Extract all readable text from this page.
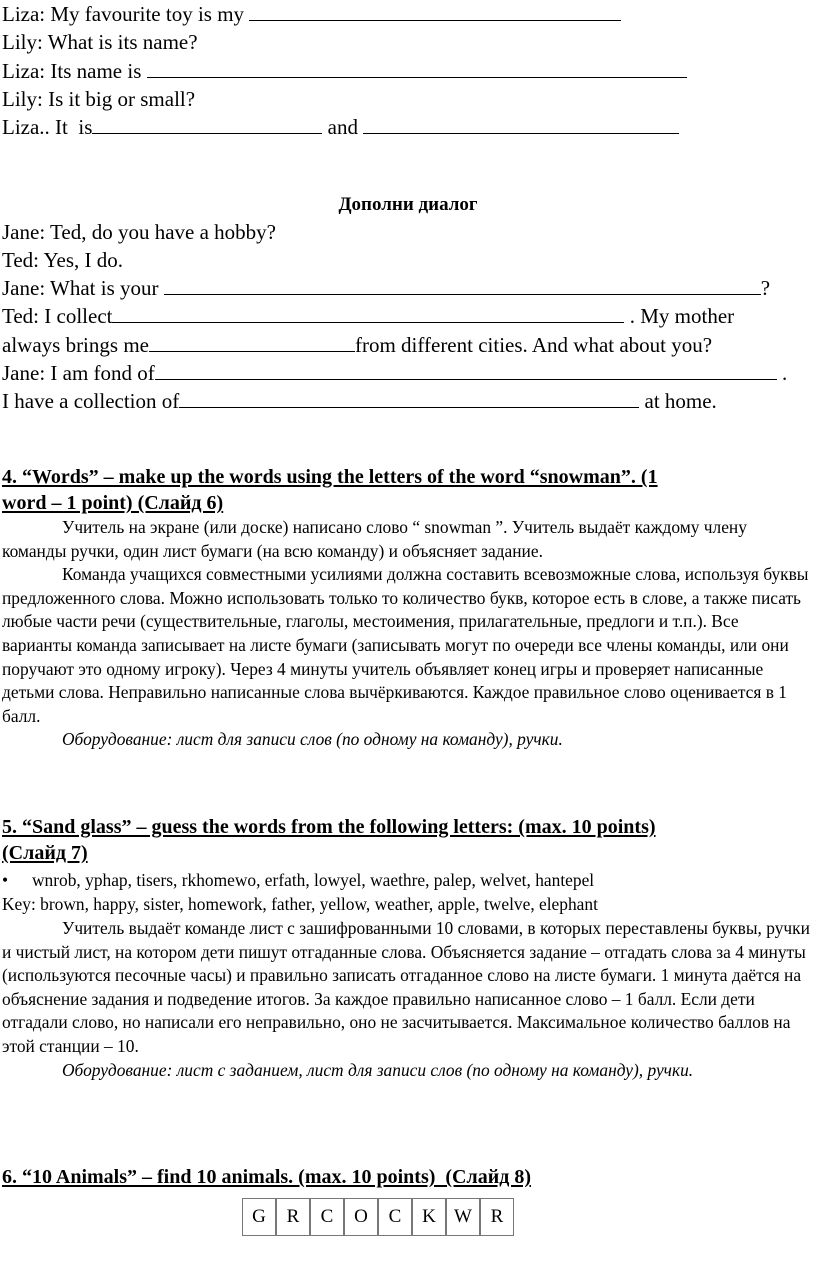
Liza: My favourite toy is my
Lily: What is its name?
Liza: Its name is
Lily: Is it big or small?
Liza.. It  is	and
Дополни диалог
Jane: Ted, do you have a hobby?
Ted: Yes, I do.
Jane: What is your	?
Ted: I collect	. My mother
always brings me	from different cities. And what about you?
Jane: I am fond of	.
I have a collection of	at home.
4. “Words” – make up the words using the letters of the word “snowman”. (1
word – 1 point) (Слайд 6)

Учитель на экране (или доске) написано слово “ snowman ”. Учитель выдаёт каждому члену команды ручки, один лист бумаги (на всю команду) и объясняет задание.

Команда учащихся совместными усилиями должна составить всевозможные слова, используя буквы предложенного слова. Можно использовать только то количество букв, которое есть в слове, а также писать любые части речи (существительные, глаголы, местоимения, прилагательные, предлоги и т.п.). Все варианты команда записывает на листе бумаги (записывать могут по очереди все члены команды, или они поручают это одному игроку). Через 4 минуты учитель объявляет конец игры и проверяет написанные детьми слова. Неправильно написанные слова вычёркиваются. Каждое правильное слово оценивается в 1 балл.

Оборудование: лист для записи слов (по одному на команду), ручки.

5. “Sand glass” – guess the words from the following letters: (max. 10 points)
(Слайд 7)
• wnrob, yphap, tisers, rkhomewo, erfath, lowyel, waethre, palep, welvet, hantepel
Key: brown, happy, sister, homework, father, yellow, weather, apple, twelve, elephant

Учитель выдаёт команде лист с зашифрованными 10 словами, в которых переставлены буквы, ручки и чистый лист, на котором дети пишут отгаданные слова. Объясняется задание – отгадать слова за 4 минуты (используются песочные часы) и правильно записать отгаданное слово на листе бумаги. 1 минута даётся на объяснение задания и подведение итогов. За каждое правильно написанное слово – 1 балл. Если дети отгадали слово, но написали его неправильно, оно не засчитывается. Максимальное количество баллов на этой станции – 10.

Оборудование: лист с заданием, лист для записи слов (по одному на команду), ручки.

6. “10 Animals” – find 10 animals. (max. 10 points)  (Слайд 8)
G	R	C	O	C	K	W	R
